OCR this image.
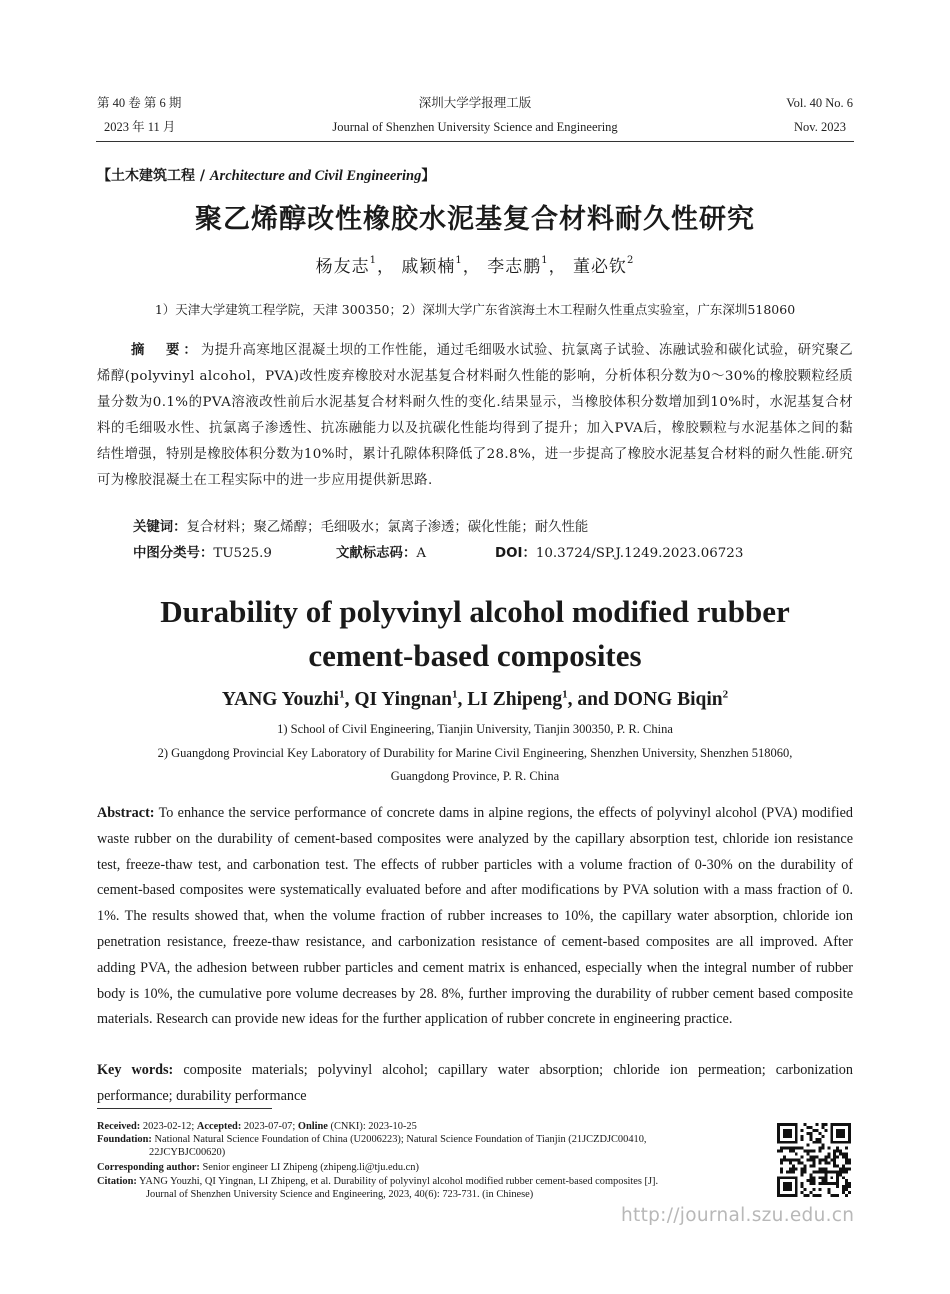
第 40 卷 第 6 期
2023 年 11 月
深圳大学学报理工版
Journal of Shenzhen University Science and Engineering
Vol. 40 No. 6
Nov. 2023
【土木建筑工程 / Architecture and Civil Engineering】
聚乙烯醇改性橡胶水泥基复合材料耐久性研究
杨友志$^1$， 戚颖楠$^1$， 李志鹏$^1$， 董必钦$^2$
1）天津大学建筑工程学院，天津 300350；2）深圳大学广东省滨海土木工程耐久性重点实验室，广东深圳518060
摘　要：为提升高寒地区混凝土坝的工作性能，通过毛细吸水试验、抗氯离子试验、冻融试验和碳化试验，研究聚乙烯醇(polyvinyl alcohol，PVA)改性废弃橡胶对水泥基复合材料耐久性能的影响，分析体积分数为0～30%的橡胶颗粒经质量分数为0.1%的PVA溶液改性前后水泥基复合材料耐久性的变化.结果显示，当橡胶体积分数增加到10%时，水泥基复合材料的毛细吸水性、抗氯离子渗透性、抗冻融能力以及抗碳化性能均得到了提升；加入PVA后，橡胶颗粒与水泥基体之间的黏结性增强，特别是橡胶体积分数为10%时，累计孔隙体积降低了28.8%，进一步提高了橡胶水泥基复合材料的耐久性能.研究可为橡胶混凝土在工程实际中的进一步应用提供新思路.
关键词：复合材料；聚乙烯醇；毛细吸水；氯离子渗透；碳化性能；耐久性能
中图分类号：TU525.9	文献标志码：A	DOI：10.3724/SP.J.1249.2023.06723
Durability of polyvinyl alcohol modified rubber
cement-based composites
YANG Youzhi$^1$, QI Yingnan$^1$, LI Zhipeng$^1$, and DONG Biqin$^2$
1) School of Civil Engineering, Tianjin University, Tianjin 300350, P. R. China
2) Guangdong Provincial Key Laboratory of Durability for Marine Civil Engineering, Shenzhen University, Shenzhen 518060,
Guangdong Province, P. R. China
Abstract: To enhance the service performance of concrete dams in alpine regions, the effects of polyvinyl alcohol (PVA) modified waste rubber on the durability of cement-based composites were analyzed by the capillary absorption test, chloride ion resistance test, freeze-thaw test, and carbonation test. The effects of rubber particles with a volume fraction of 0-30% on the durability of cement-based composites were systematically evaluated before and after modifications by PVA solution with a mass fraction of 0. 1%. The results showed that, when the volume fraction of rubber increases to 10%, the capillary water absorption, chloride ion penetration resistance, freeze-thaw resistance, and carbonization resistance of cement-based composites are all improved. After adding PVA, the adhesion between rubber particles and cement matrix is enhanced, especially when the integral number of rubber body is 10%, the cumulative pore volume decreases by 28. 8%, further improving the durability of rubber cement based composite materials. Research can provide new ideas for the further application of rubber concrete in engineering practice.
Key words: composite materials; polyvinyl alcohol; capillary water absorption; chloride ion permeation; carbonization performance; durability performance
Received: 2023-02-12; Accepted: 2023-07-07; Online (CNKI): 2023-10-25
Foundation: National Natural Science Foundation of China (U2006223); Natural Science Foundation of Tianjin (21JCZDJC00410,
22JCYBJC00620)
Corresponding author: Senior engineer LI Zhipeng (zhipeng.li@tju.edu.cn)
Citation: YANG Youzhi, QI Yingnan, LI Zhipeng, et al. Durability of polyvinyl alcohol modified rubber cement-based composites [J].
Journal of Shenzhen University Science and Engineering, 2023, 40(6): 723-731. (in Chinese)
http://journal.szu.edu.cn
